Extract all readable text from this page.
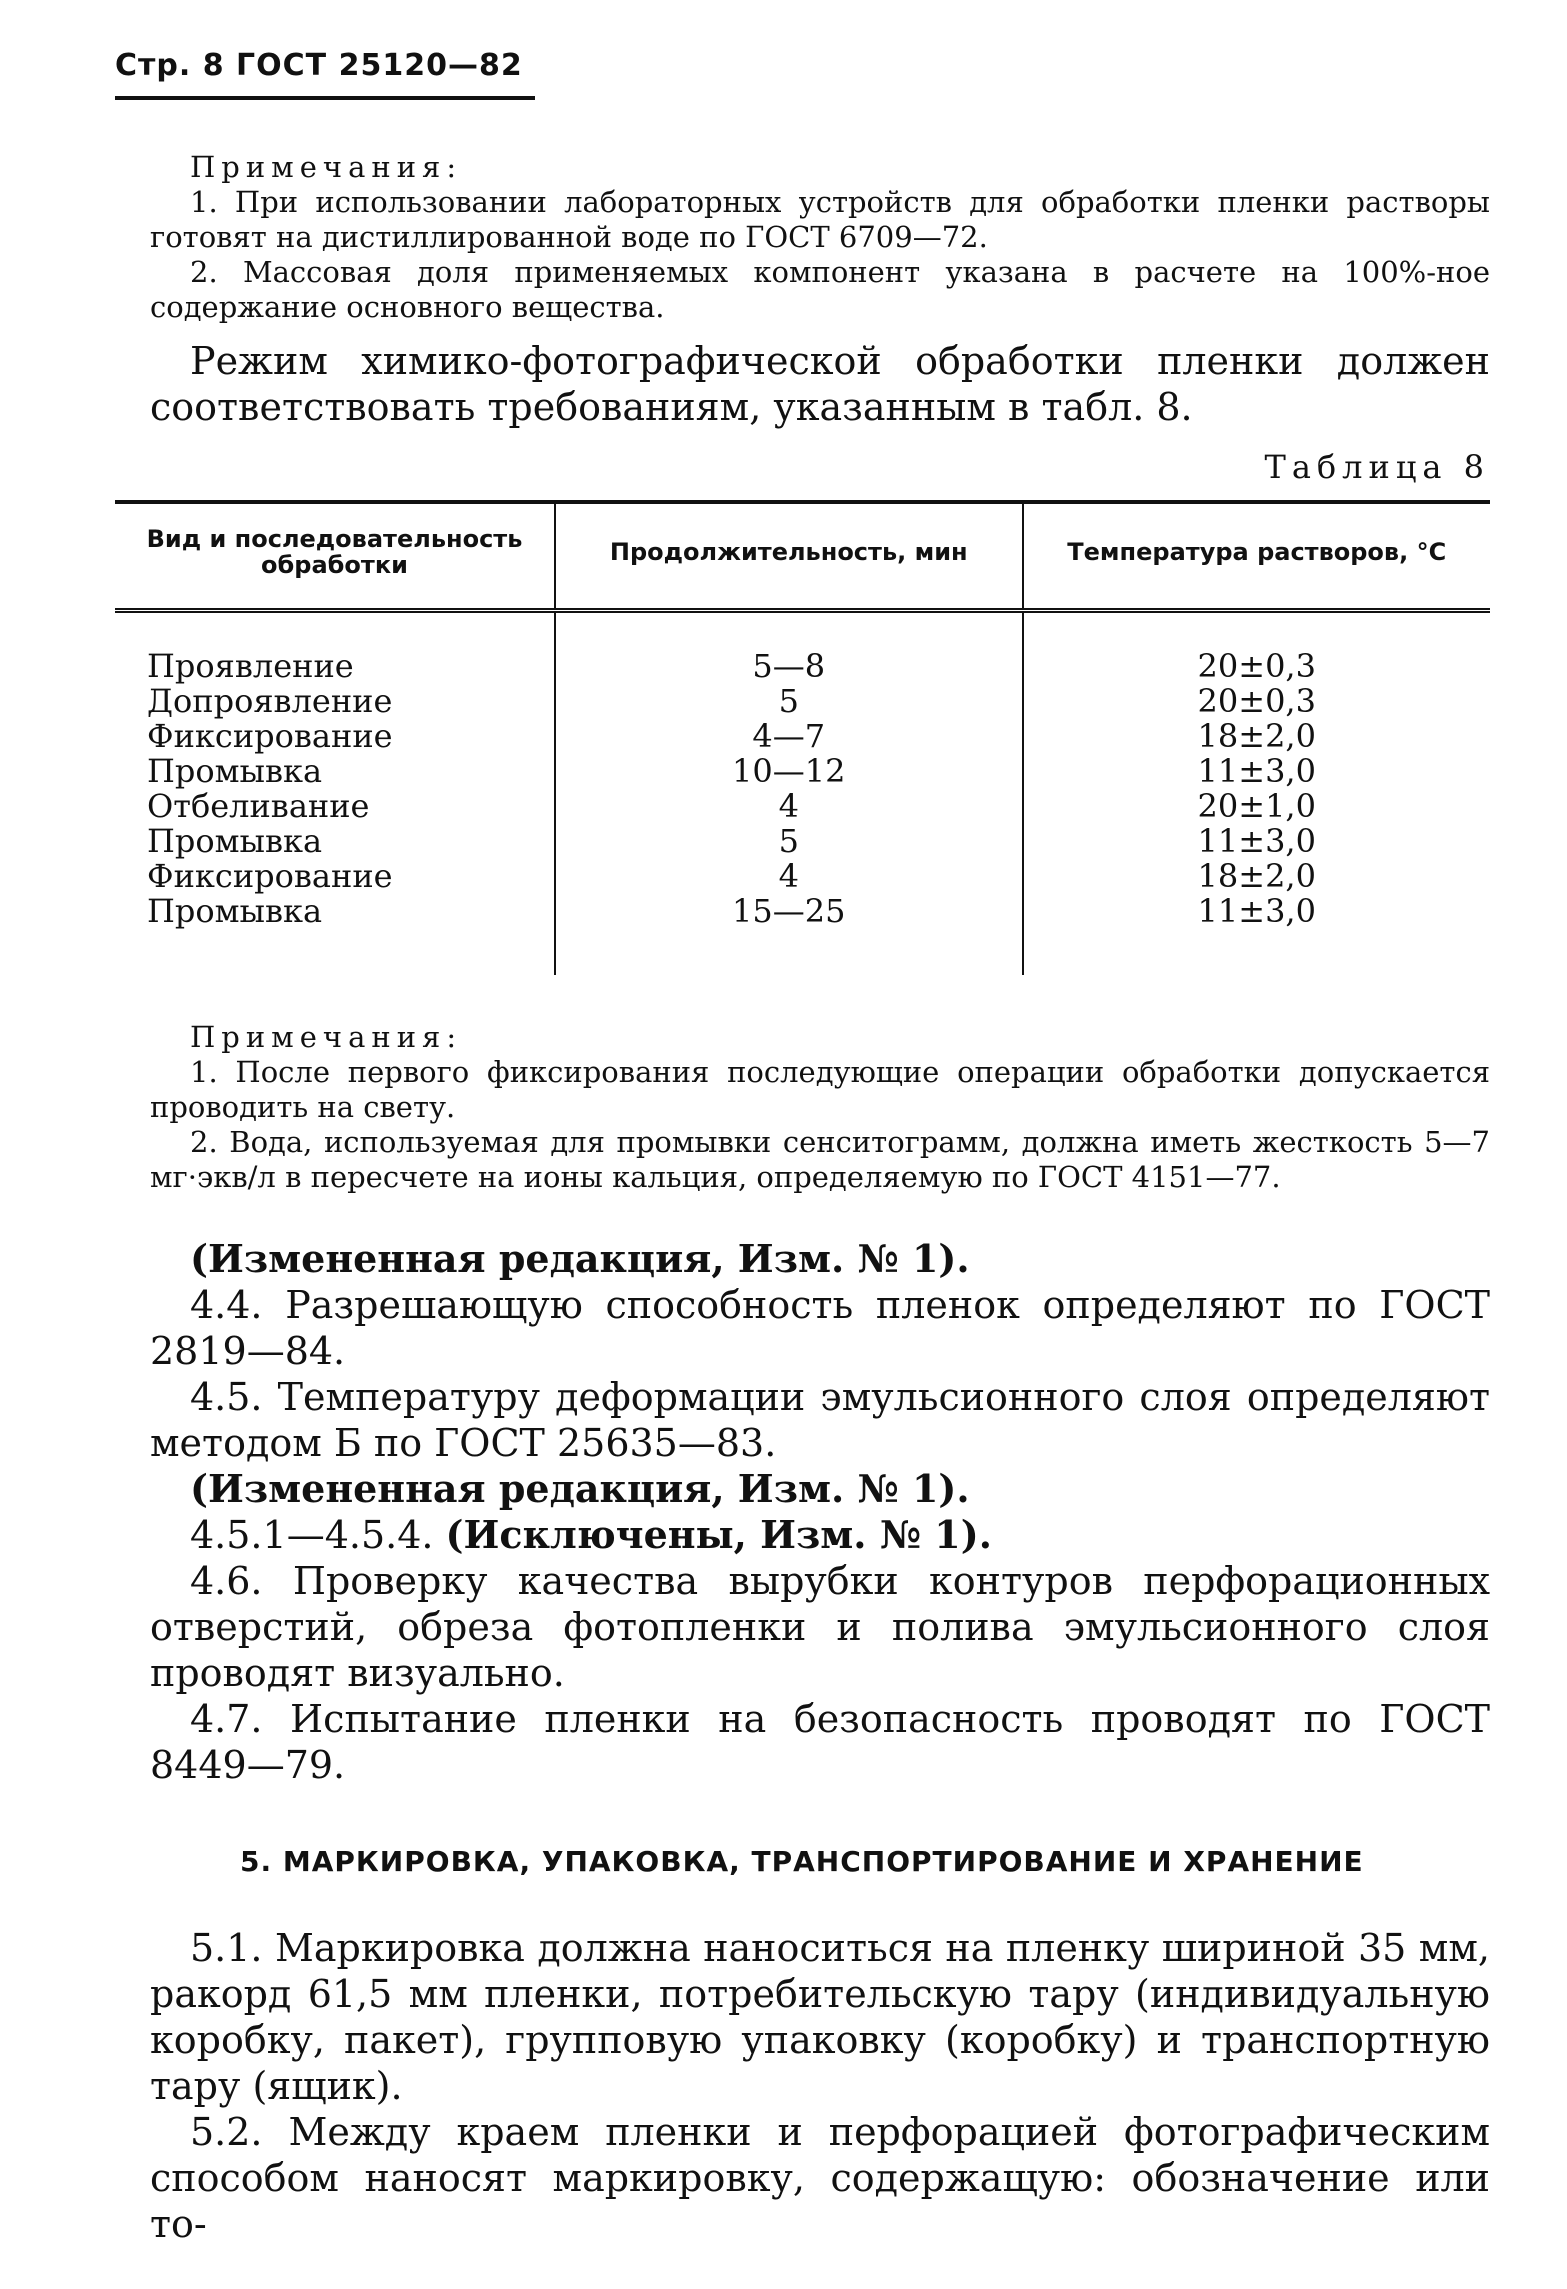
Стр. 8 ГОСТ 25120—82
Примечания:

1. При использовании лабораторных устройств для обработки пленки растворы готовят на дистиллированной воде по ГОСТ 6709—72.

2. Массовая доля применяемых компонент указана в расчете на 100%-ное содержание основного вещества.

Режим химико-фотографической обработки пленки должен соответствовать требованиям, указанным в табл. 8.

Таблица 8
Вид и последовательность обработки	Продолжительность, мин	Температура растворов, °С
Проявление	5—8	20±0,3
Допроявление	5	20±0,3
Фиксирование	4—7	18±2,0
Промывка	10—12	11±3,0
Отбеливание	4	20±1,0
Промывка	5	11±3,0
Фиксирование	4	18±2,0
Промывка	15—25	11±3,0
Примечания:

1. После первого фиксирования последующие операции обработки допускается проводить на свету.

2. Вода, используемая для промывки сенситограмм, должна иметь жесткость 5—7 мг·экв/л в пересчете на ионы кальция, определяемую по ГОСТ 4151—77.

(Измененная редакция, Изм. № 1).

4.4. Разрешающую способность пленок определяют по ГОСТ 2819—84.

4.5. Температуру деформации эмульсионного слоя определяют методом Б по ГОСТ 25635—83.

(Измененная редакция, Изм. № 1).

4.5.1—4.5.4. (Исключены, Изм. № 1).

4.6. Проверку качества вырубки контуров перфорационных отверстий, обреза фотопленки и полива эмульсионного слоя проводят визуально.

4.7. Испытание пленки на безопасность проводят по ГОСТ 8449—79.

5. МАРКИРОВКА, УПАКОВКА, ТРАНСПОРТИРОВАНИЕ И ХРАНЕНИЕ

5.1. Маркировка должна наноситься на пленку шириной 35 мм, ракорд 61,5 мм пленки, потребительскую тару (индивидуальную коробку, пакет), групповую упаковку (коробку) и транспортную тару (ящик).

5.2. Между краем пленки и перфорацией фотографическим способом наносят маркировку, содержащую: обозначение или то-
